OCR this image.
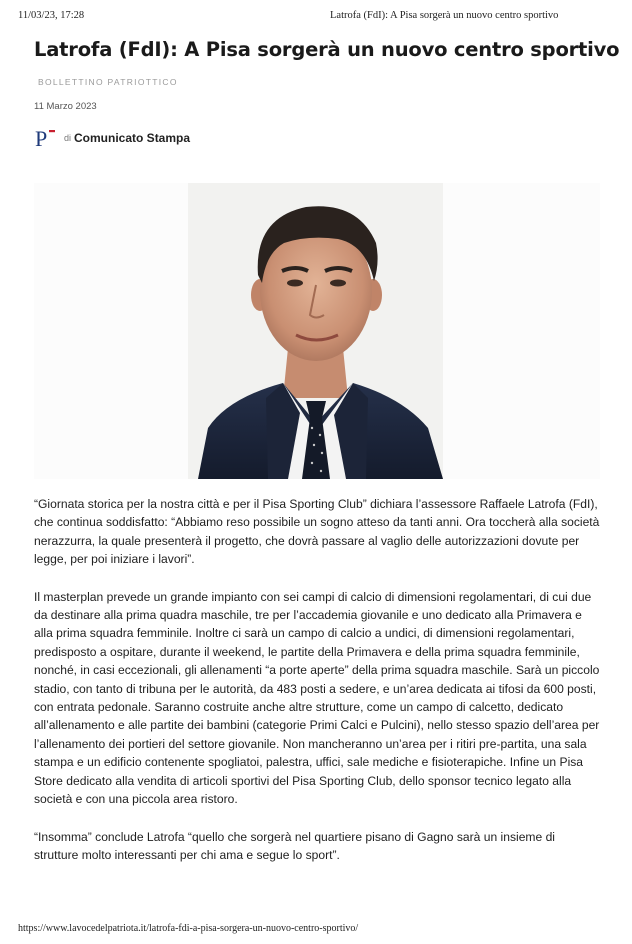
11/03/23, 17:28	Latrofa (FdI): A Pisa sorgerà un nuovo centro sportivo
Latrofa (FdI): A Pisa sorgerà un nuovo centro sportivo
BOLLETTINO PATRIOTTICO
11 Marzo 2023
P di Comunicato Stampa

“Giornata storica per la nostra città e per il Pisa Sporting Club” dichiara l’assessore Raffaele Latrofa (FdI), che continua soddisfatto: “Abbiamo reso possibile un sogno atteso da tanti anni. Ora toccherà alla società nerazzurra, la quale presenterà il progetto, che dovrà passare al vaglio delle autorizzazioni dovute per legge, per poi iniziare i lavori”.

Il masterplan prevede un grande impianto con sei campi di calcio di dimensioni regolamentari, di cui due da destinare alla prima quadra maschile, tre per l’accademia giovanile e uno dedicato alla Primavera e alla prima squadra femminile. Inoltre ci sarà un campo di calcio a undici, di dimensioni regolamentari, predisposto a ospitare, durante il weekend, le partite della Primavera e della prima squadra femminile, nonché, in casi eccezionali, gli allenamenti “a porte aperte” della prima squadra maschile. Sarà un piccolo stadio, con tanto di tribuna per le autorità, da 483 posti a sedere, e un’area dedicata ai tifosi da 600 posti, con entrata pedonale. Saranno costruite anche altre strutture, come un campo di calcetto, dedicato all’allenamento e alle partite dei bambini (categorie Primi Calci e Pulcini), nello stesso spazio dell’area per l’allenamento dei portieri del settore giovanile. Non mancheranno un’area per i ritiri pre-partita, una sala stampa e un edificio contenente spogliatoi, palestra, uffici, sale mediche e fisioterapiche. Infine un Pisa Store dedicato alla vendita di articoli sportivi del Pisa Sporting Club, dello sponsor tecnico legato alla società e con una piccola area ristoro.

“Insomma” conclude Latrofa “quello che sorgerà nel quartiere pisano di Gagno sarà un insieme di strutture molto interessanti per chi ama e segue lo sport”.

https://www.lavocedelpatriota.it/latrofa-fdi-a-pisa-sorgera-un-nuovo-centro-sportivo/
